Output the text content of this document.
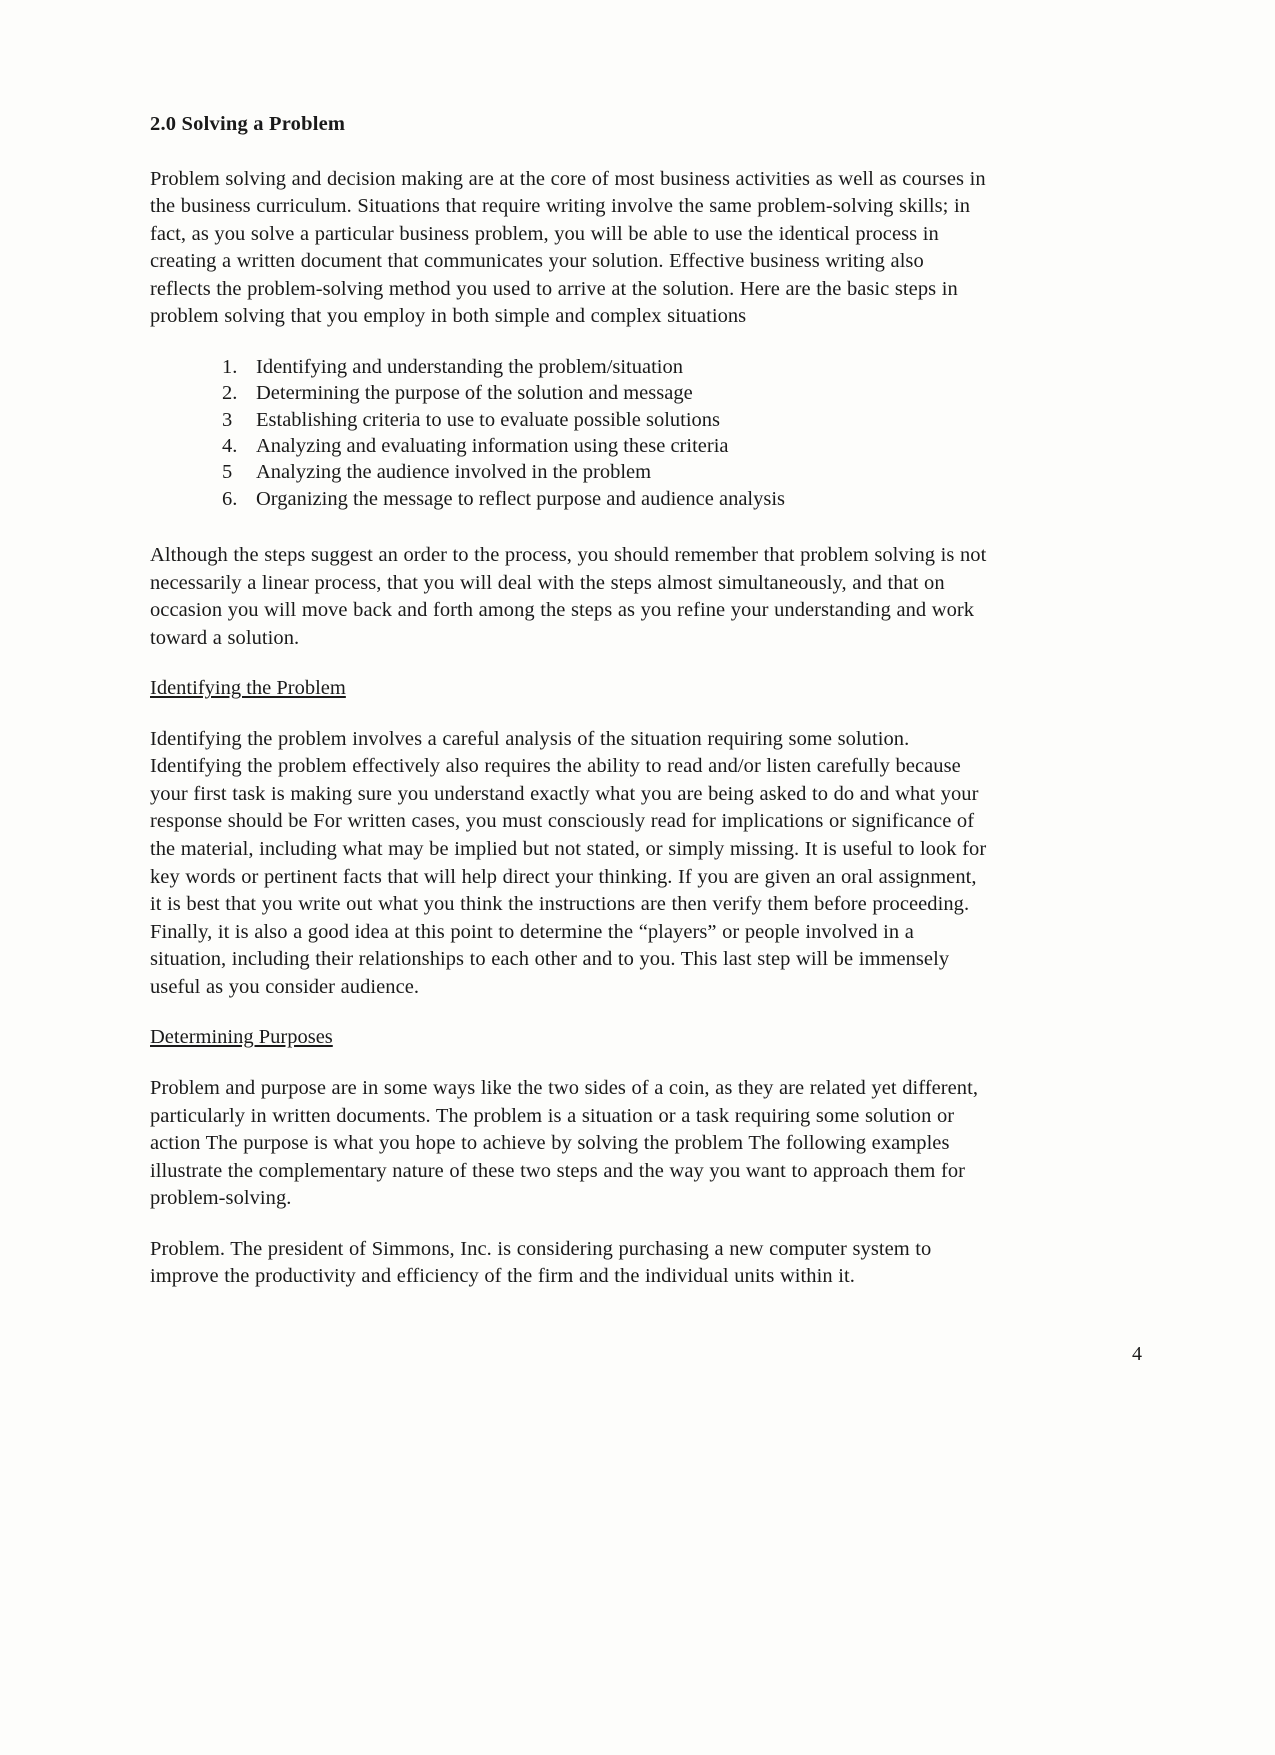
2.0 Solving a Problem

Problem solving and decision making are at the core of most business activities as well as courses in the business curriculum. Situations that require writing involve the same problem-solving skills; in fact, as you solve a particular business problem, you will be able to use the identical process in creating a written document that communicates your solution. Effective business writing also reflects the problem-solving method you used to arrive at the solution. Here are the basic steps in problem solving that you employ in both simple and complex situations

1. Identifying and understanding the problem/situation
2. Determining the purpose of the solution and message
3	Establishing criteria to use to evaluate possible solutions
4. Analyzing and evaluating information using these criteria
5	Analyzing the audience involved in the problem
6. Organizing the message to reflect purpose and audience analysis

Although the steps suggest an order to the process, you should remember that problem solving is not necessarily a linear process, that you will deal with the steps almost simultaneously, and that on occasion you will move back and forth among the steps as you refine your understanding and work toward a solution.

Identifying the Problem

Identifying the problem involves a careful analysis of the situation requiring some solution. Identifying the problem effectively also requires the ability to read and/or listen carefully because your first task is making sure you understand exactly what you are being asked to do and what your response should be For written cases, you must consciously read for implications or significance of the material, including what may be implied but not stated, or simply missing. It is useful to look for key words or pertinent facts that will help direct your thinking. If you are given an oral assignment, it is best that you write out what you think the instructions are then verify them before proceeding. Finally, it is also a good idea at this point to determine the “players” or people involved in a situation, including their relationships to each other and to you. This last step will be immensely useful as you consider audience.

Determining Purposes

Problem and purpose are in some ways like the two sides of a coin, as they are related yet different, particularly in written documents. The problem is a situation or a task requiring some solution or action The purpose is what you hope to achieve by solving the problem The following examples illustrate the complementary nature of these two steps and the way you want to approach them for problem-solving.

Problem. The president of Simmons, Inc. is considering purchasing a new computer system to improve the productivity and efficiency of the firm and the individual units within it.

4
